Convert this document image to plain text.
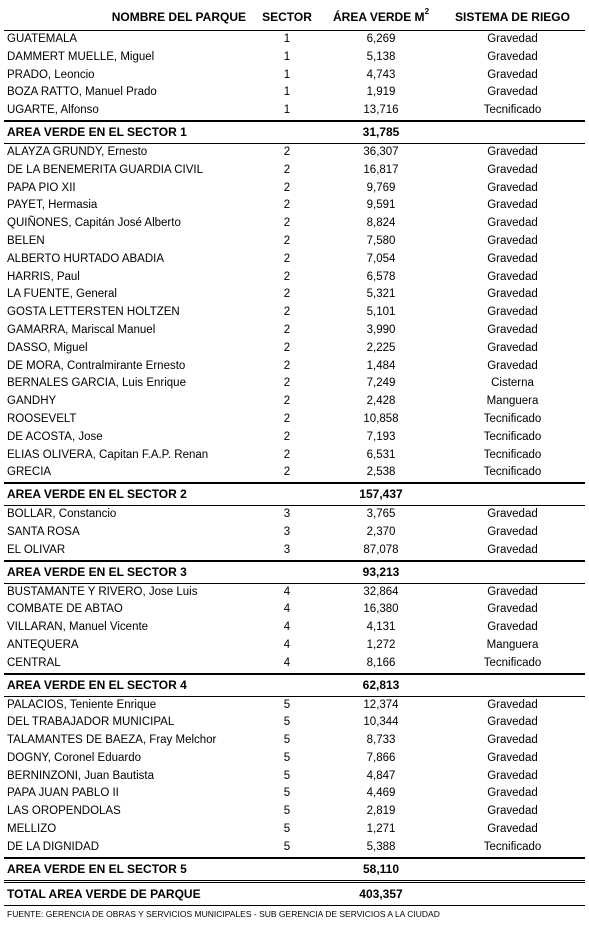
NOMBRE DEL PARQUE	SECTOR	ÁREA VERDE $M^2$	SISTEMA DE RIEGO
GUATEMALA	1	6,269	Gravedad
DAMMERT MUELLE, Miguel	1	5,138	Gravedad
PRADO, Leoncio	1	4,743	Gravedad
BOZA RATTO, Manuel Prado	1	1,919	Gravedad
UGARTE, Alfonso	1	13,716	Tecnificado
AREA VERDE EN EL SECTOR 1		31,785	
ALAYZA GRUNDY, Ernesto	2	36,307	Gravedad
DE LA BENEMERITA GUARDIA CIVIL	2	16,817	Gravedad
PAPA PIO XII	2	9,769	Gravedad
PAYET, Hermasia	2	9,591	Gravedad
QUIÑONES, Capitán José Alberto	2	8,824	Gravedad
BELEN	2	7,580	Gravedad
ALBERTO HURTADO ABADIA	2	7,054	Gravedad
HARRIS, Paul	2	6,578	Gravedad
LA FUENTE, General	2	5,321	Gravedad
GOSTA LETTERSTEN HOLTZEN	2	5,101	Gravedad
GAMARRA, Mariscal Manuel	2	3,990	Gravedad
DASSO, Miguel	2	2,225	Gravedad
DE MORA, Contralmirante Ernesto	2	1,484	Gravedad
BERNALES GARCIA, Luis Enrique	2	7,249	Cisterna
GANDHY	2	2,428	Manguera
ROOSEVELT	2	10,858	Tecnificado
DE ACOSTA, Jose	2	7,193	Tecnificado
ELIAS OLIVERA, Capitan F.A.P. Renan	2	6,531	Tecnificado
GRECIA	2	2,538	Tecnificado
AREA VERDE EN EL SECTOR 2		157,437	
BOLLAR, Constancio	3	3,765	Gravedad
SANTA ROSA	3	2,370	Gravedad
EL OLIVAR	3	87,078	Gravedad
AREA VERDE EN EL SECTOR 3		93,213	
BUSTAMANTE Y RIVERO, Jose Luis	4	32,864	Gravedad
COMBATE DE ABTAO	4	16,380	Gravedad
VILLARAN, Manuel Vicente	4	4,131	Gravedad
ANTEQUERA	4	1,272	Manguera
CENTRAL	4	8,166	Tecnificado
AREA VERDE EN EL SECTOR 4		62,813	
PALACIOS, Teniente Enrique	5	12,374	Gravedad
DEL TRABAJADOR MUNICIPAL	5	10,344	Gravedad
TALAMANTES DE BAEZA, Fray Melchor	5	8,733	Gravedad
DOGNY, Coronel Eduardo	5	7,866	Gravedad
BERNINZONI, Juan Bautista	5	4,847	Gravedad
PAPA JUAN PABLO II	5	4,469	Gravedad
LAS OROPENDOLAS	5	2,819	Gravedad
MELLIZO	5	1,271	Gravedad
DE LA DIGNIDAD	5	5,388	Tecnificado
AREA VERDE EN EL SECTOR 5		58,110	
TOTAL AREA VERDE DE PARQUE		403,357	
FUENTE: GERENCIA DE OBRAS Y SERVICIOS MUNICIPALES - SUB GERENCIA DE SERVICIOS A LA CIUDAD
